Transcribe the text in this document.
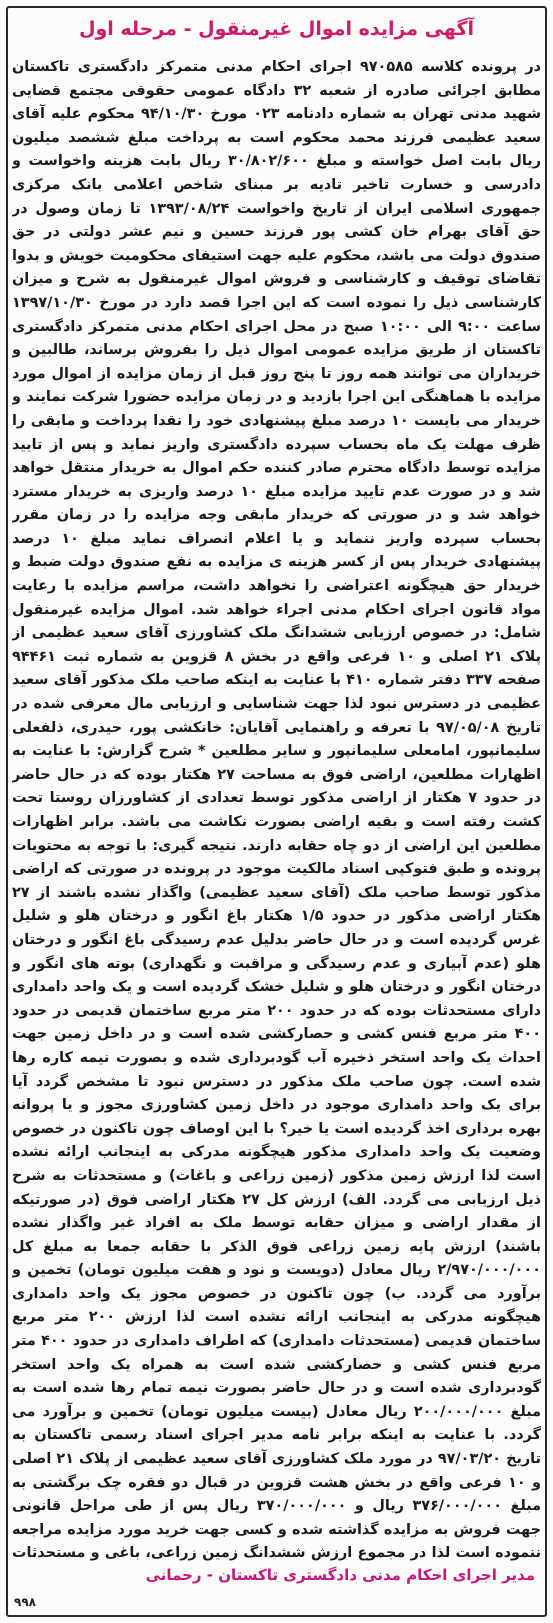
آگهی مزایده اموال غیرمنقول - مرحله اول
در پرونده کلاسه ۹۷۰۵۸۵ اجرای احکام مدنی متمرکز دادگستری تاکستان مطابق اجرائی صادره از شعبه ۳۲ دادگاه عمومی حقوقی مجتمع قضایی شهید مدنی تهران به شماره دادنامه ۰۲۳ مورخ ۹۴/۱۰/۳۰ محکوم علیه آقای سعید عظیمی فرزند محمد محکوم است به پرداخت مبلغ ششصد میلیون ریال بابت اصل خواسته و مبلغ ۳۰/۸۰۲/۶۰۰ ریال بابت هزینه واخواست و دادرسی و خسارت تاخیر تادیه بر مبنای شاخص اعلامی بانک مرکزی جمهوری اسلامی ایران از تاریخ واخواست ۱۳۹۳/۰۸/۲۴ تا زمان وصول در حق آقای بهرام خان کشی پور فرزند حسین و نیم عشر دولتی در حق صندوق دولت می باشد، محکوم علیه جهت استیفای محکومیت خویش و بدوا تقاضای توقیف و کارشناسی و فروش اموال غیرمنقول به شرح و میزان کارشناسی ذیل را نموده است که این اجرا قصد دارد در مورخ ۱۳۹۷/۱۰/۳۰ ساعت ۹:۰۰ الی ۱۰:۰۰ صبح در محل اجرای احکام مدنی متمرکز دادگستری تاکستان از طریق مزایده عمومی اموال ذیل را بفروش برساند، طالبین و خریداران می توانند همه روز تا پنج روز قبل از زمان مزایده از اموال مورد مزایده با هماهنگی این اجرا بازدید و در زمان مزایده حضورا شرکت نمایند و خریدار می بایست ۱۰ درصد مبلغ پیشنهادی خود را نقدا پرداخت و مابقی را ظرف مهلت یک ماه بحساب سپرده دادگستری واریز نماید و پس از تایید مزایده توسط دادگاه محترم صادر کننده حکم اموال به خریدار منتقل خواهد شد و در صورت عدم تایید مزایده مبلغ ۱۰ درصد واریزی به خریدار مسترد خواهد شد و در صورتی که خریدار مابقی وجه مزایده را در زمان مقرر بحساب سپرده واریز ننماید و یا اعلام انصراف نماید مبلغ ۱۰ درصد پیشنهادی خریدار پس از کسر هزینه ی مزایده به نفع صندوق دولت ضبط و خریدار حق هیچگونه اعتراضی را نخواهد داشت، مراسم مزایده با رعایت مواد قانون اجرای احکام مدنی اجراء خواهد شد. اموال مزایده غیرمنقول شامل: در خصوص ارزیابی ششدانگ ملک کشاورزی آقای سعید عظیمی از پلاک ۲۱ اصلی و ۱۰ فرعی واقع در بخش ۸ قزوین به شماره ثبت ۹۴۴۶۱ صفحه ۳۳۷ دفتر شماره ۴۱۰ با عنایت به اینکه صاحب ملک مذکور آقای سعید عظیمی در دسترس نبود لذا جهت شناسایی و ارزیابی مال معرفی شده در تاریخ ۹۷/۰۵/۰۸ با تعرفه و راهنمایی آقایان: خانکشی پور، حیدری، ذلفعلی سلیمانپور، امامعلی سلیمانپور و سایر مطلعین * شرح گزارش: با عنایت به اظهارات مطلعین، اراضی فوق به مساحت ۲۷ هکتار بوده که در حال حاضر در حدود ۷ هکتار از اراضی مذکور توسط تعدادی از کشاورزان روستا تحت کشت رفته است و بقیه اراضی بصورت نکاشت می باشد. برابر اظهارات مطلعین این اراضی از دو چاه حقابه دارند. نتیجه گیری: با توجه به محتویات پرونده و طبق فتوکپی اسناد مالکیت موجود در پرونده در صورتی که اراضی مذکور توسط صاحب ملک (آقای سعید عظیمی) واگذار نشده باشند از ۲۷ هکتار اراضی مذکور در حدود ۱/۵ هکتار باغ انگور و درختان هلو و شلیل غرس گردیده است و در حال حاضر بدلیل عدم رسیدگی باغ انگور و درختان هلو (عدم آبیاری و عدم رسیدگی و مراقبت و نگهداری) بوته های انگور و درختان انگور و درختان هلو و شلیل خشک گردیده است و یک واحد دامداری دارای مستحدثات بوده که در حدود ۲۰۰ متر مربع ساختمان قدیمی در حدود ۴۰۰ متر مربع فنس کشی و حصارکشی شده است و در داخل زمین جهت احداث یک واحد استخر ذخیره آب گودبرداری شده و بصورت نیمه کاره رها شده است. چون صاحب ملک مذکور در دسترس نبود تا مشخص گردد آیا برای یک واحد دامداری موجود در داخل زمین کشاورزی مجوز و یا پروانه بهره برداری اخذ گردیده است یا خیر؟ با این اوصاف چون تاکنون در خصوص وضعیت یک واحد دامداری مذکور هیچگونه مدرکی به اینجانب ارائه نشده است لذا ارزش زمین مذکور (زمین زراعی و باغات) و مستحدثات به شرح ذیل ارزیابی می گردد. الف) ارزش کل ۲۷ هکتار اراضی فوق (در صورتیکه از مقدار اراضی و میزان حقابه توسط ملک به افراد غیر واگذار نشده باشند) ارزش پایه زمین زراعی فوق الذکر با حقابه جمعا به مبلغ کل ۲/۹۷۰/۰۰۰/۰۰۰ ریال معادل (دویست و نود و هفت میلیون تومان) تخمین و برآورد می گردد. ب) چون تاکنون در خصوص مجوز یک واحد دامداری هیچگونه مدرکی به اینجانب ارائه نشده است لذا ارزش ۲۰۰ متر مربع ساختمان قدیمی (مستحدثات دامداری) که اطراف دامداری در حدود ۴۰۰ متر مربع فنس کشی و حصارکشی شده است به همراه یک واحد استخر گودبرداری شده است و در حال حاضر بصورت نیمه تمام رها شده است به مبلغ ۲۰۰/۰۰۰/۰۰۰ ریال معادل (بیست میلیون تومان) تخمین و برآورد می گردد. با عنایت به اینکه برابر نامه مدیر اجرای اسناد رسمی تاکستان به تاریخ ۹۷/۰۳/۲۰ در مورد ملک کشاورزی آقای سعید عظیمی از پلاک ۲۱ اصلی و ۱۰ فرعی واقع در بخش هشت قزوین در قبال دو فقره چک برگشتی به مبلغ ۳۷۶/۰۰۰/۰۰۰ ریال و ۳۷۰/۰۰۰/۰۰۰ ریال پس از طی مراحل قانونی جهت فروش به مزایده گذاشته شده و کسی جهت خرید مورد مزایده مراجعه ننموده است لذا در مجموع ارزش ششدانگ زمین زراعی، باغی و مستحدثات
مدیر اجرای احکام مدنی دادگستری تاکستان - رحمانی
۹۹۸
